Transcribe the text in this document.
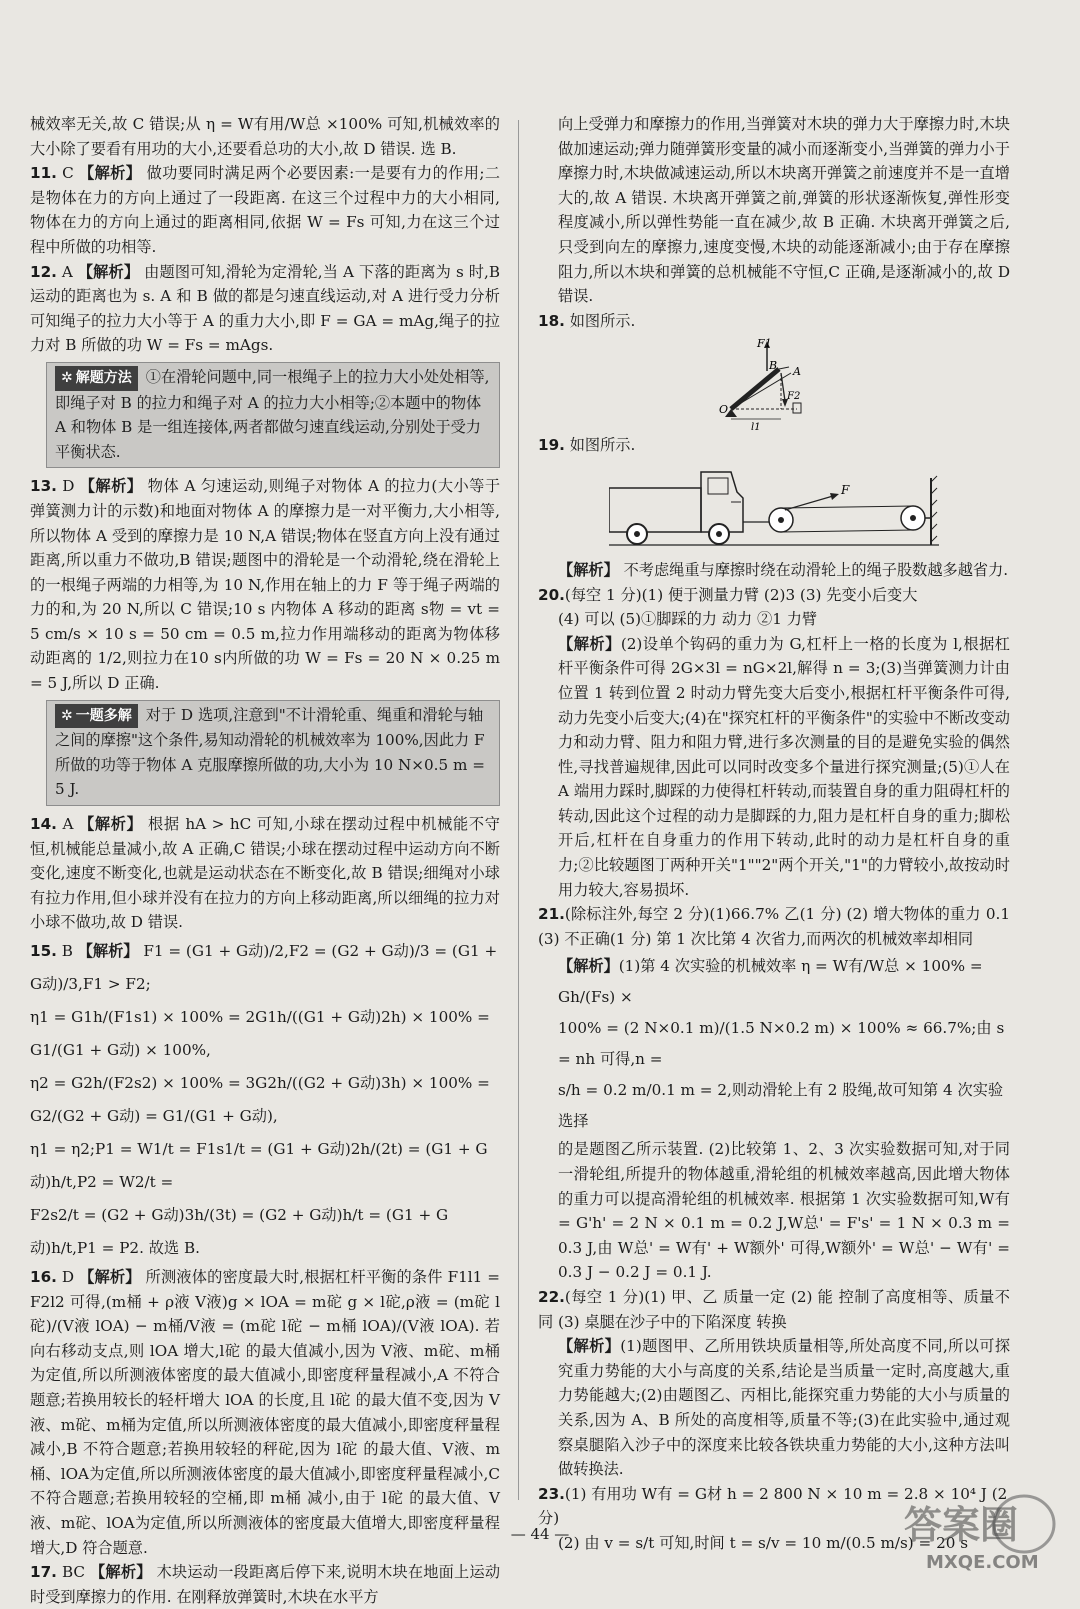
械效率无关,故 C 错误;从 η = W有用/W总 ×100% 可知,机械效率的大小除了要看有用功的大小,还要看总功的大小,故 D 错误. 选 B.

11. C 【解析】 做功要同时满足两个必要因素:一是要有力的作用;二是物体在力的方向上通过了一段距离. 在这三个过程中力的大小相同,物体在力的方向上通过的距离相同,依据 W = Fs 可知,力在这三个过程中所做的功相等.

12. A 【解析】 由题图可知,滑轮为定滑轮,当 A 下落的距离为 s 时,B 运动的距离也为 s. A 和 B 做的都是匀速直线运动,对 A 进行受力分析可知绳子的拉力大小等于 A 的重力大小,即 F = GA = mAg,绳子的拉力对 B 所做的功 W = Fs = mAgs.

✲ 解题方法 ①在滑轮问题中,同一根绳子上的拉力大小处处相等,即绳子对 B 的拉力和绳子对 A 的拉力大小相等;②本题中的物体 A 和物体 B 是一组连接体,两者都做匀速直线运动,分别处于受力平衡状态.

13. D 【解析】 物体 A 匀速运动,则绳子对物体 A 的拉力(大小等于弹簧测力计的示数)和地面对物体 A 的摩擦力是一对平衡力,大小相等,所以物体 A 受到的摩擦力是 10 N,A 错误;物体在竖直方向上没有通过距离,所以重力不做功,B 错误;题图中的滑轮是一个动滑轮,绕在滑轮上的一根绳子两端的力相等,为 10 N,作用在轴上的力 F 等于绳子两端的力的和,为 20 N,所以 C 错误;10 s 内物体 A 移动的距离 s物 = vt = 5 cm/s × 10 s = 50 cm = 0.5 m,拉力作用端移动的距离为物体移动距离的 1/2,则拉力在10 s内所做的功 W = Fs = 20 N × 0.25 m = 5 J,所以 D 正确.

✲ 一题多解 对于 D 选项,注意到"不计滑轮重、绳重和滑轮与轴之间的摩擦"这个条件,易知动滑轮的机械效率为 100%,因此力 F 所做的功等于物体 A 克服摩擦所做的功,大小为 10 N×0.5 m = 5 J.

14. A 【解析】 根据 hA > hC 可知,小球在摆动过程中机械能不守恒,机械能总量减小,故 A 正确,C 错误;小球在摆动过程中运动方向不断变化,速度不断变化,也就是运动状态在不断变化,故 B 错误;细绳对小球有拉力作用,但小球并没有在拉力的方向上移动距离,所以细绳的拉力对小球不做功,故 D 错误.

15. B 【解析】 F1 = (G1 + G动)/2,F2 = (G2 + G动)/3 = (G1 + G动)/3,F1 > F2;
η1 = G1h/(F1s1) × 100% = 2G1h/((G1 + G动)2h) × 100% = G1/(G1 + G动) × 100%,
η2 = G2h/(F2s2) × 100% = 3G2h/((G2 + G动)3h) × 100% = G2/(G2 + G动) = G1/(G1 + G动),
η1 = η2;P1 = W1/t = F1s1/t = (G1 + G动)2h/(2t) = (G1 + G动)h/t,P2 = W2/t =
F2s2/t = (G2 + G动)3h/(3t) = (G2 + G动)h/t = (G1 + G动)h/t,P1 = P2. 故选 B.

16. D 【解析】 所测液体的密度最大时,根据杠杆平衡的条件 F1l1 = F2l2 可得,(m桶 + ρ液 V液)g × lOA = m砣 g × l砣,ρ液 = (m砣 l砣)/(V液 lOA) − m桶/V液 = (m砣 l砣 − m桶 lOA)/(V液 lOA). 若向右移动支点,则 lOA 增大,l砣 的最大值减小,因为 V液、m砣、m桶为定值,所以所测液体密度的最大值减小,即密度秤量程减小,A 不符合题意;若换用较长的轻杆增大 lOA 的长度,且 l砣 的最大值不变,因为 V液、m砣、m桶为定值,所以所测液体密度的最大值减小,即密度秤量程减小,B 不符合题意;若换用较轻的秤砣,因为 l砣 的最大值、V液、m桶、lOA为定值,所以所测液体密度的最大值减小,即密度秤量程减小,C 不符合题意;若换用较轻的空桶,即 m桶 减小,由于 l砣 的最大值、V液、m砣、lOA为定值,所以所测液体的密度最大值增大,即密度秤量程增大,D 符合题意.

17. BC 【解析】 木块运动一段距离后停下来,说明木块在地面上运动时受到摩擦力的作用. 在刚释放弹簧时,木块在水平方

向上受弹力和摩擦力的作用,当弹簧对木块的弹力大于摩擦力时,木块做加速运动;弹力随弹簧形变量的减小而逐渐变小,当弹簧的弹力小于摩擦力时,木块做减速运动,所以木块离开弹簧之前速度并不是一直增大的,故 A 错误. 木块离开弹簧之前,弹簧的形状逐渐恢复,弹性形变程度减小,所以弹性势能一直在减少,故 B 正确. 木块离开弹簧之后,只受到向左的摩擦力,速度变慢,木块的动能逐渐减小;由于存在摩擦阻力,所以木块和弹簧的总机械能不守恒,C 正确,是逐渐减小的,故 D 错误.

18. 如图所示.

F1
B A
F2
O
l1

19. 如图所示.

F

【解析】 不考虑绳重与摩擦时绕在动滑轮上的绳子股数越多越省力.

20.(每空 1 分)(1) 便于测量力臂 (2)3 (3) 先变小后变大
(4) 可以 (5)①脚踩的力 动力 ②1 力臂

【解析】(2)设单个钩码的重力为 G,杠杆上一格的长度为 l,根据杠杆平衡条件可得 2G×3l = nG×2l,解得 n = 3;(3)当弹簧测力计由位置 1 转到位置 2 时动力臂先变大后变小,根据杠杆平衡条件可得,动力先变小后变大;(4)在"探究杠杆的平衡条件"的实验中不断改变动力和动力臂、阻力和阻力臂,进行多次测量的目的是避免实验的偶然性,寻找普遍规律,因此可以同时改变多个量进行探究测量;(5)①人在 A 端用力踩时,脚踩的力使得杠杆转动,而装置自身的重力阻碍杠杆的转动,因此这个过程的动力是脚踩的力,阻力是杠杆自身的重力;脚松开后,杠杆在自身重力的作用下转动,此时的动力是杠杆自身的重力;②比较题图丁两种开关"1""2"两个开关,"1"的力臂较小,故按动时用力较大,容易损坏.

21.(除标注外,每空 2 分)(1)66.7% 乙(1 分) (2) 增大物体的重力 0.1 (3) 不正确(1 分) 第 1 次比第 4 次省力,而两次的机械效率却相同

【解析】(1)第 4 次实验的机械效率 η = W有/W总 × 100% = Gh/(Fs) ×
100% = (2 N×0.1 m)/(1.5 N×0.2 m) × 100% ≈ 66.7%;由 s = nh 可得,n =
s/h = 0.2 m/0.1 m = 2,则动滑轮上有 2 股绳,故可知第 4 次实验选择

的是题图乙所示装置. (2)比较第 1、2、3 次实验数据可知,对于同一滑轮组,所提升的物体越重,滑轮组的机械效率越高,因此增大物体的重力可以提高滑轮组的机械效率. 根据第 1 次实验数据可知,W有 = G'h' = 2 N × 0.1 m = 0.2 J,W总' = F's' = 1 N × 0.3 m = 0.3 J,由 W总' = W有' + W额外' 可得,W额外' = W总' − W有' = 0.3 J − 0.2 J = 0.1 J.

22.(每空 1 分)(1) 甲、乙 质量一定 (2) 能 控制了高度相等、质量不同 (3) 桌腿在沙子中的下陷深度 转换

【解析】(1)题图甲、乙所用铁块质量相等,所处高度不同,所以可探究重力势能的大小与高度的关系,结论是当质量一定时,高度越大,重力势能越大;(2)由题图乙、丙相比,能探究重力势能的大小与质量的关系,因为 A、B 所处的高度相等,质量不等;(3)在此实验中,通过观察桌腿陷入沙子中的深度来比较各铁块重力势能的大小,这种方法叫做转换法.

23.(1) 有用功 W有 = G材 h = 2 800 N × 10 m = 2.8 × 10⁴ J (2 分)
(2) 由 v = s/t 可知,时间 t = s/v = 10 m/(0.5 m/s) = 20 s
— 44 —	答案圈
MXQE.COM
